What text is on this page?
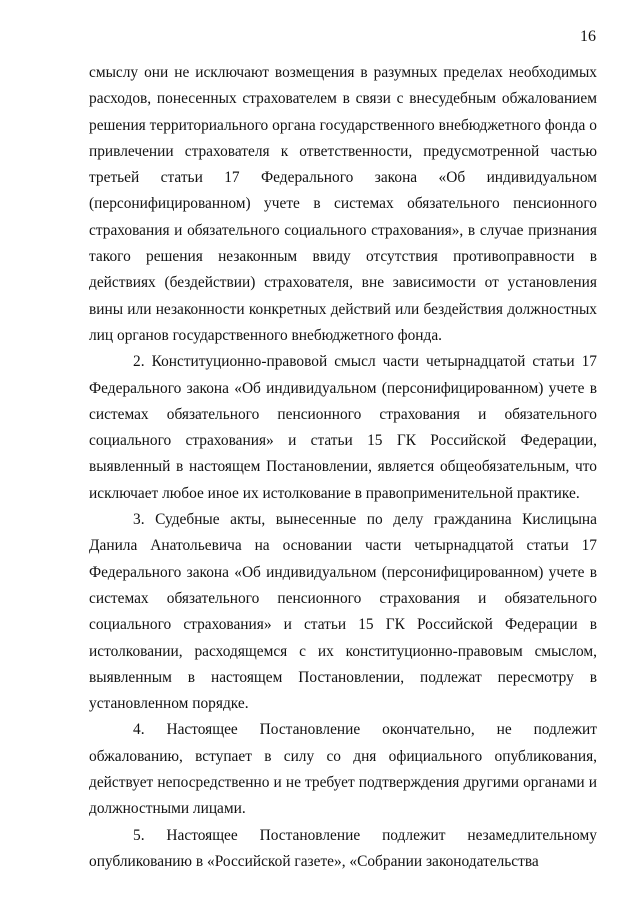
16

смыслу они не исключают возмещения в разумных пределах необходимых расходов, понесенных страхователем в связи с внесудебным обжалованием решения территориального органа государственного внебюджетного фонда о привлечении страхователя к ответственности, предусмотренной частью третьей статьи 17 Федерального закона «Об индивидуальном (персонифицированном) учете в системах обязательного пенсионного страхования и обязательного социального страхования», в случае признания такого решения незаконным ввиду отсутствия противоправности в действиях (бездействии) страхователя, вне зависимости от установления вины или незаконности конкретных действий или бездействия должностных лиц органов государственного внебюджетного фонда.

2. Конституционно-правовой смысл части четырнадцатой статьи 17 Федерального закона «Об индивидуальном (персонифицированном) учете в системах обязательного пенсионного страхования и обязательного социального страхования» и статьи 15 ГК Российской Федерации, выявленный в настоящем Постановлении, является общеобязательным, что исключает любое иное их истолкование в правоприменительной практике.

3. Судебные акты, вынесенные по делу гражданина Кислицына Данила Анатольевича на основании части четырнадцатой статьи 17 Федерального закона «Об индивидуальном (персонифицированном) учете в системах обязательного пенсионного страхования и обязательного социального страхования» и статьи 15 ГК Российской Федерации в истолковании, расходящемся с их конституционно-правовым смыслом, выявленным в настоящем Постановлении, подлежат пересмотру в установленном порядке.

4. Настоящее Постановление окончательно, не подлежит обжалованию, вступает в силу со дня официального опубликования, действует непосредственно и не требует подтверждения другими органами и должностными лицами.

5. Настоящее Постановление подлежит незамедлительному опубликованию в «Российской газете», «Собрании законодательства
